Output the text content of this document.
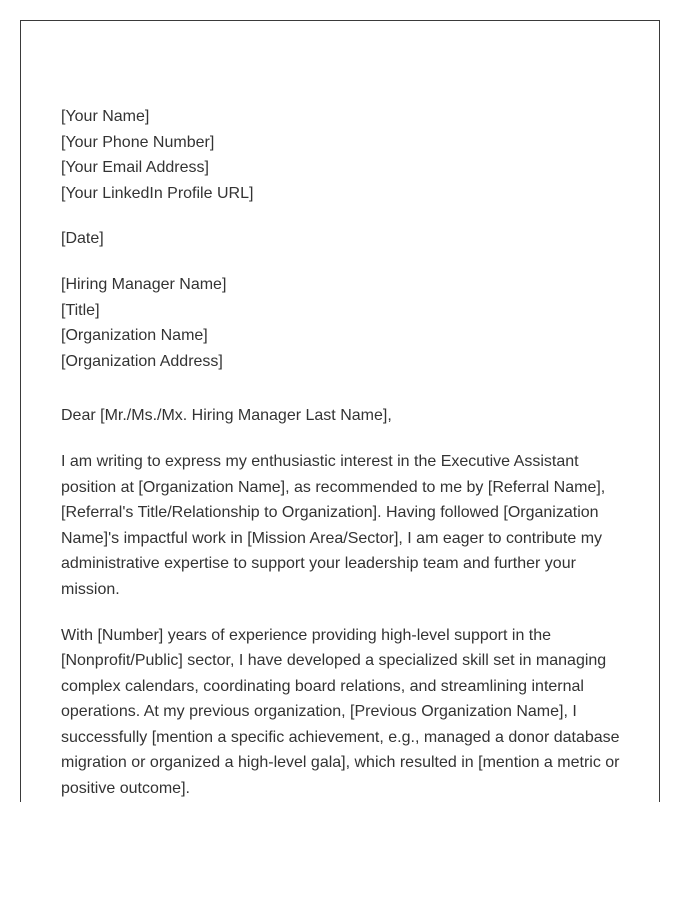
[Your Name]
[Your Phone Number]
[Your Email Address]
[Your LinkedIn Profile URL]
[Date]
[Hiring Manager Name]
[Title]
[Organization Name]
[Organization Address]
Dear [Mr./Ms./Mx. Hiring Manager Last Name],
I am writing to express my enthusiastic interest in the Executive Assistant
position at [Organization Name], as recommended to me by [Referral Name],
[Referral's Title/Relationship to Organization]. Having followed [Organization
Name]'s impactful work in [Mission Area/Sector], I am eager to contribute my
administrative expertise to support your leadership team and further your
mission.
With [Number] years of experience providing high-level support in the
[Nonprofit/Public] sector, I have developed a specialized skill set in managing
complex calendars, coordinating board relations, and streamlining internal
operations. At my previous organization, [Previous Organization Name], I
successfully [mention a specific achievement, e.g., managed a donor database
migration or organized a high-level gala], which resulted in [mention a metric or
positive outcome].
